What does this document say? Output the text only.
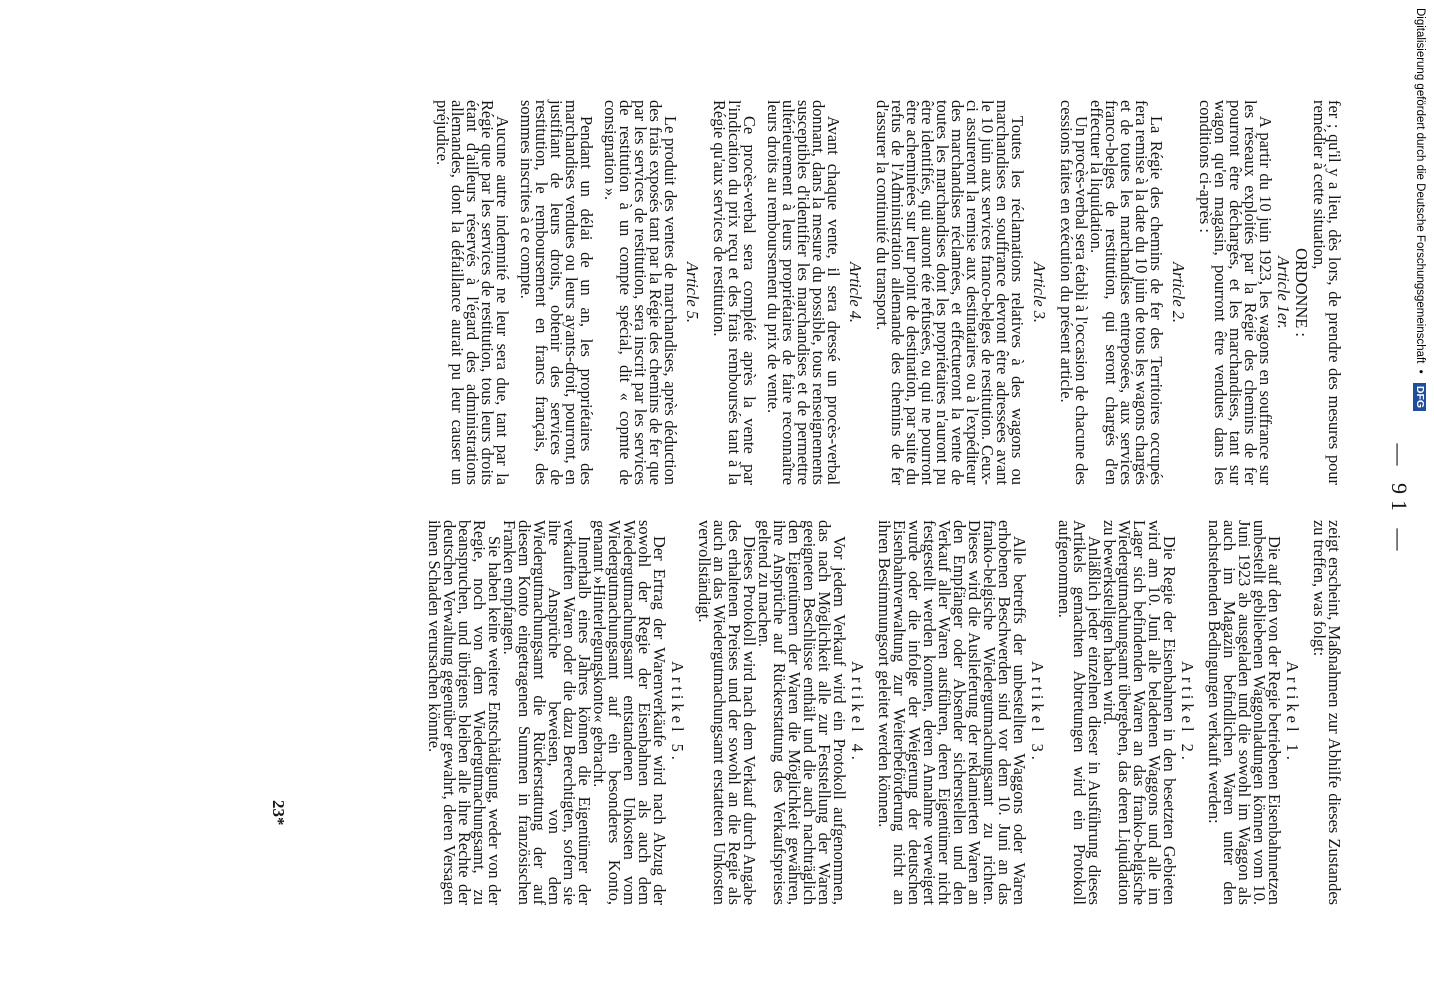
— 91 —

fer ; qu'il y a lieu, dès lors, de prendre des mesures pour remédier à cette situation,

ORDONNE :
Article 1er.

A partir du 10 juin 1923, les wagons en souffrance sur les réseaux exploités par la Régie des chemins de fer pourront être déchargés, et les marchandises, tant sur wagon qu'en magasin, pourront être vendues dans les conditions ci-après :

Article 2.

La Régie des chemins de fer des Territoires occupés fera remise à la date du 10 juin de tous les wagons chargés et de toutes les marchandises entreposées, aux services franco-belges de restitution, qui seront chargés d'en effectuer la liquidation.

Un procès-verbal sera établi à l'occasion de chacune des cessions faites en exécution du présent article.

Article 3.

Toutes les réclamations relatives à des wagons ou marchandises en souffrance devront être adressées avant le 10 juin aux services franco-belges de restitution. Ceux-ci assureront la remise aux destinataires ou à l'expéditeur des marchandises réclamées, et effectueront la vente de toutes les marchandises dont les propriétaires n'auront pu être identifiés, qui auront été refusées, ou qui ne pourront être acheminées sur leur point de destination, par suite du refus de l'Administration allemande des chemins de fer d'assurer la continuité du transport.

Article 4.

Avant chaque vente, il sera dressé un procès-verbal donnant, dans la mesure du possible, tous renseignements susceptibles d'identifier les marchandises et de permettre ultérieurement à leurs propriétaires de faire reconnaître leurs droits au remboursement du prix de vente.

Ce procès-verbal sera complété après la vente par l'indication du prix reçu et des frais remboursés tant à la Régie qu'aux services de restitution.

Article 5.

Le produit des ventes de marchandises, après déduction des frais exposés tant par la Régie des chemins de fer que par les services de restitution, sera inscrit par les services de restitution à un compte spécial, dit « copmte de consignation ».

Pendant un délai de un an, les propriétaires des marchandises vendues ou leurs ayants-droit, pourront, en justifiant de leurs droits, obtenir des services de restitution, le remboursement en francs français, des sommes inscrites à ce compte.

Aucune autre indemnité ne leur sera due, tant par la Régie que par les services de restitution, tous leurs droits étant d'ailleurs réservés à l'égard des administrations allemandes, dont la défaillance aurait pu leur causer un préjudice.

zeigt erscheint, Maßnahmen zur Abhilfe dieses Zustandes zu treffen, was folgt:

Artikel 1.

Die auf den von der Regie betriebenen Eisenbahnnetzen unbestellt gebliebenen Waggonladungen können vom 10. Juni 1923 ab ausgeladen und die sowohl im Waggon als auch im Magazin befindlichen Waren unter den nachstehenden Bedingungen verkauft werden:

Artikel 2.

Die Regie der Eisenbahnen in den besetzten Gebieten wird am 10. Juni alle beladenen Waggons und alle im Lager sich befindenden Waren an das franko-belgische Wiedergutmachungsamt übergeben, das deren Liquidation zu bewerkstelligen haben wird.

Anläßlich jeder einzelnen dieser in Ausführung dieses Artikels gemachten Abtretungen wird ein Protokoll aufgenommen.

Artikel 3.

Alle betreffs der unbestellten Waggons oder Waren erhobenen Beschwerden sind vor dem 10. Juni an das franko-belgische Wiedergutmachungsamt zu richten. Dieses wird die Auslieferung der reklamierten Waren an den Empfänger oder Absender sicherstellen und den Verkauf aller Waren ausführen, deren Eigentümer nicht festgestellt werden konnten, deren Annahme verweigert wurde oder die infolge der Weigerung der deutschen Eisenbahnverwaltung zur Weiterbeförderung nicht an ihren Bestimmungsort geleitet werden können.

Artikel 4.

Vor jedem Verkauf wird ein Protokoll aufgenommen, das nach Möglichkeit alle zur Feststellung der Waren geeigneten Beschlüsse enthält und die auch nachträglich den Eigentümern der Waren die Möglichkeit gewähren, ihre Ansprüche auf Rückerstattung des Verkaufspreises geltend zu machen.

Dieses Protokoll wird nach dem Verkauf durch Angabe des erhaltenen Preises und der sowohl an die Regie als auch an das Wiedergutmachungsamt erstatteten Unkosten vervollständigt.

Artikel 5.

Der Ertrag der Warenverkäufe wird nach Abzug der sowohl der Regie der Eisenbahnen als auch dem Wiedergutmachungsamt entstandenen Unkosten vom Wiedergutmachungsamt auf ein besonderes Konto, genannt »Hinterlegungskonto« gebracht.

Innerhalb eines Jahres können die Eigentümer der verkauften Waren oder die dazu Berechtigten, sofern sie ihre Ansprüche beweisen, von dem Wiedergutmachungsamt die Rückerstattung der auf diesem Konto eingetragenen Summen in französischen Franken empfangen.

Sie haben keine weitere Entschädigung, weder von der Regie, noch von dem Wiedergutmachungsamt, zu beanspruchen, und übrigens bleiben alle ihre Rechte der deutschen Verwaltung gegenüber gewahrt, deren Versagen ihnen Schaden verursachen könnte.

23*
Digitalisierung gefördert durch die Deutsche Forschungsgemeinschaft • DFG
